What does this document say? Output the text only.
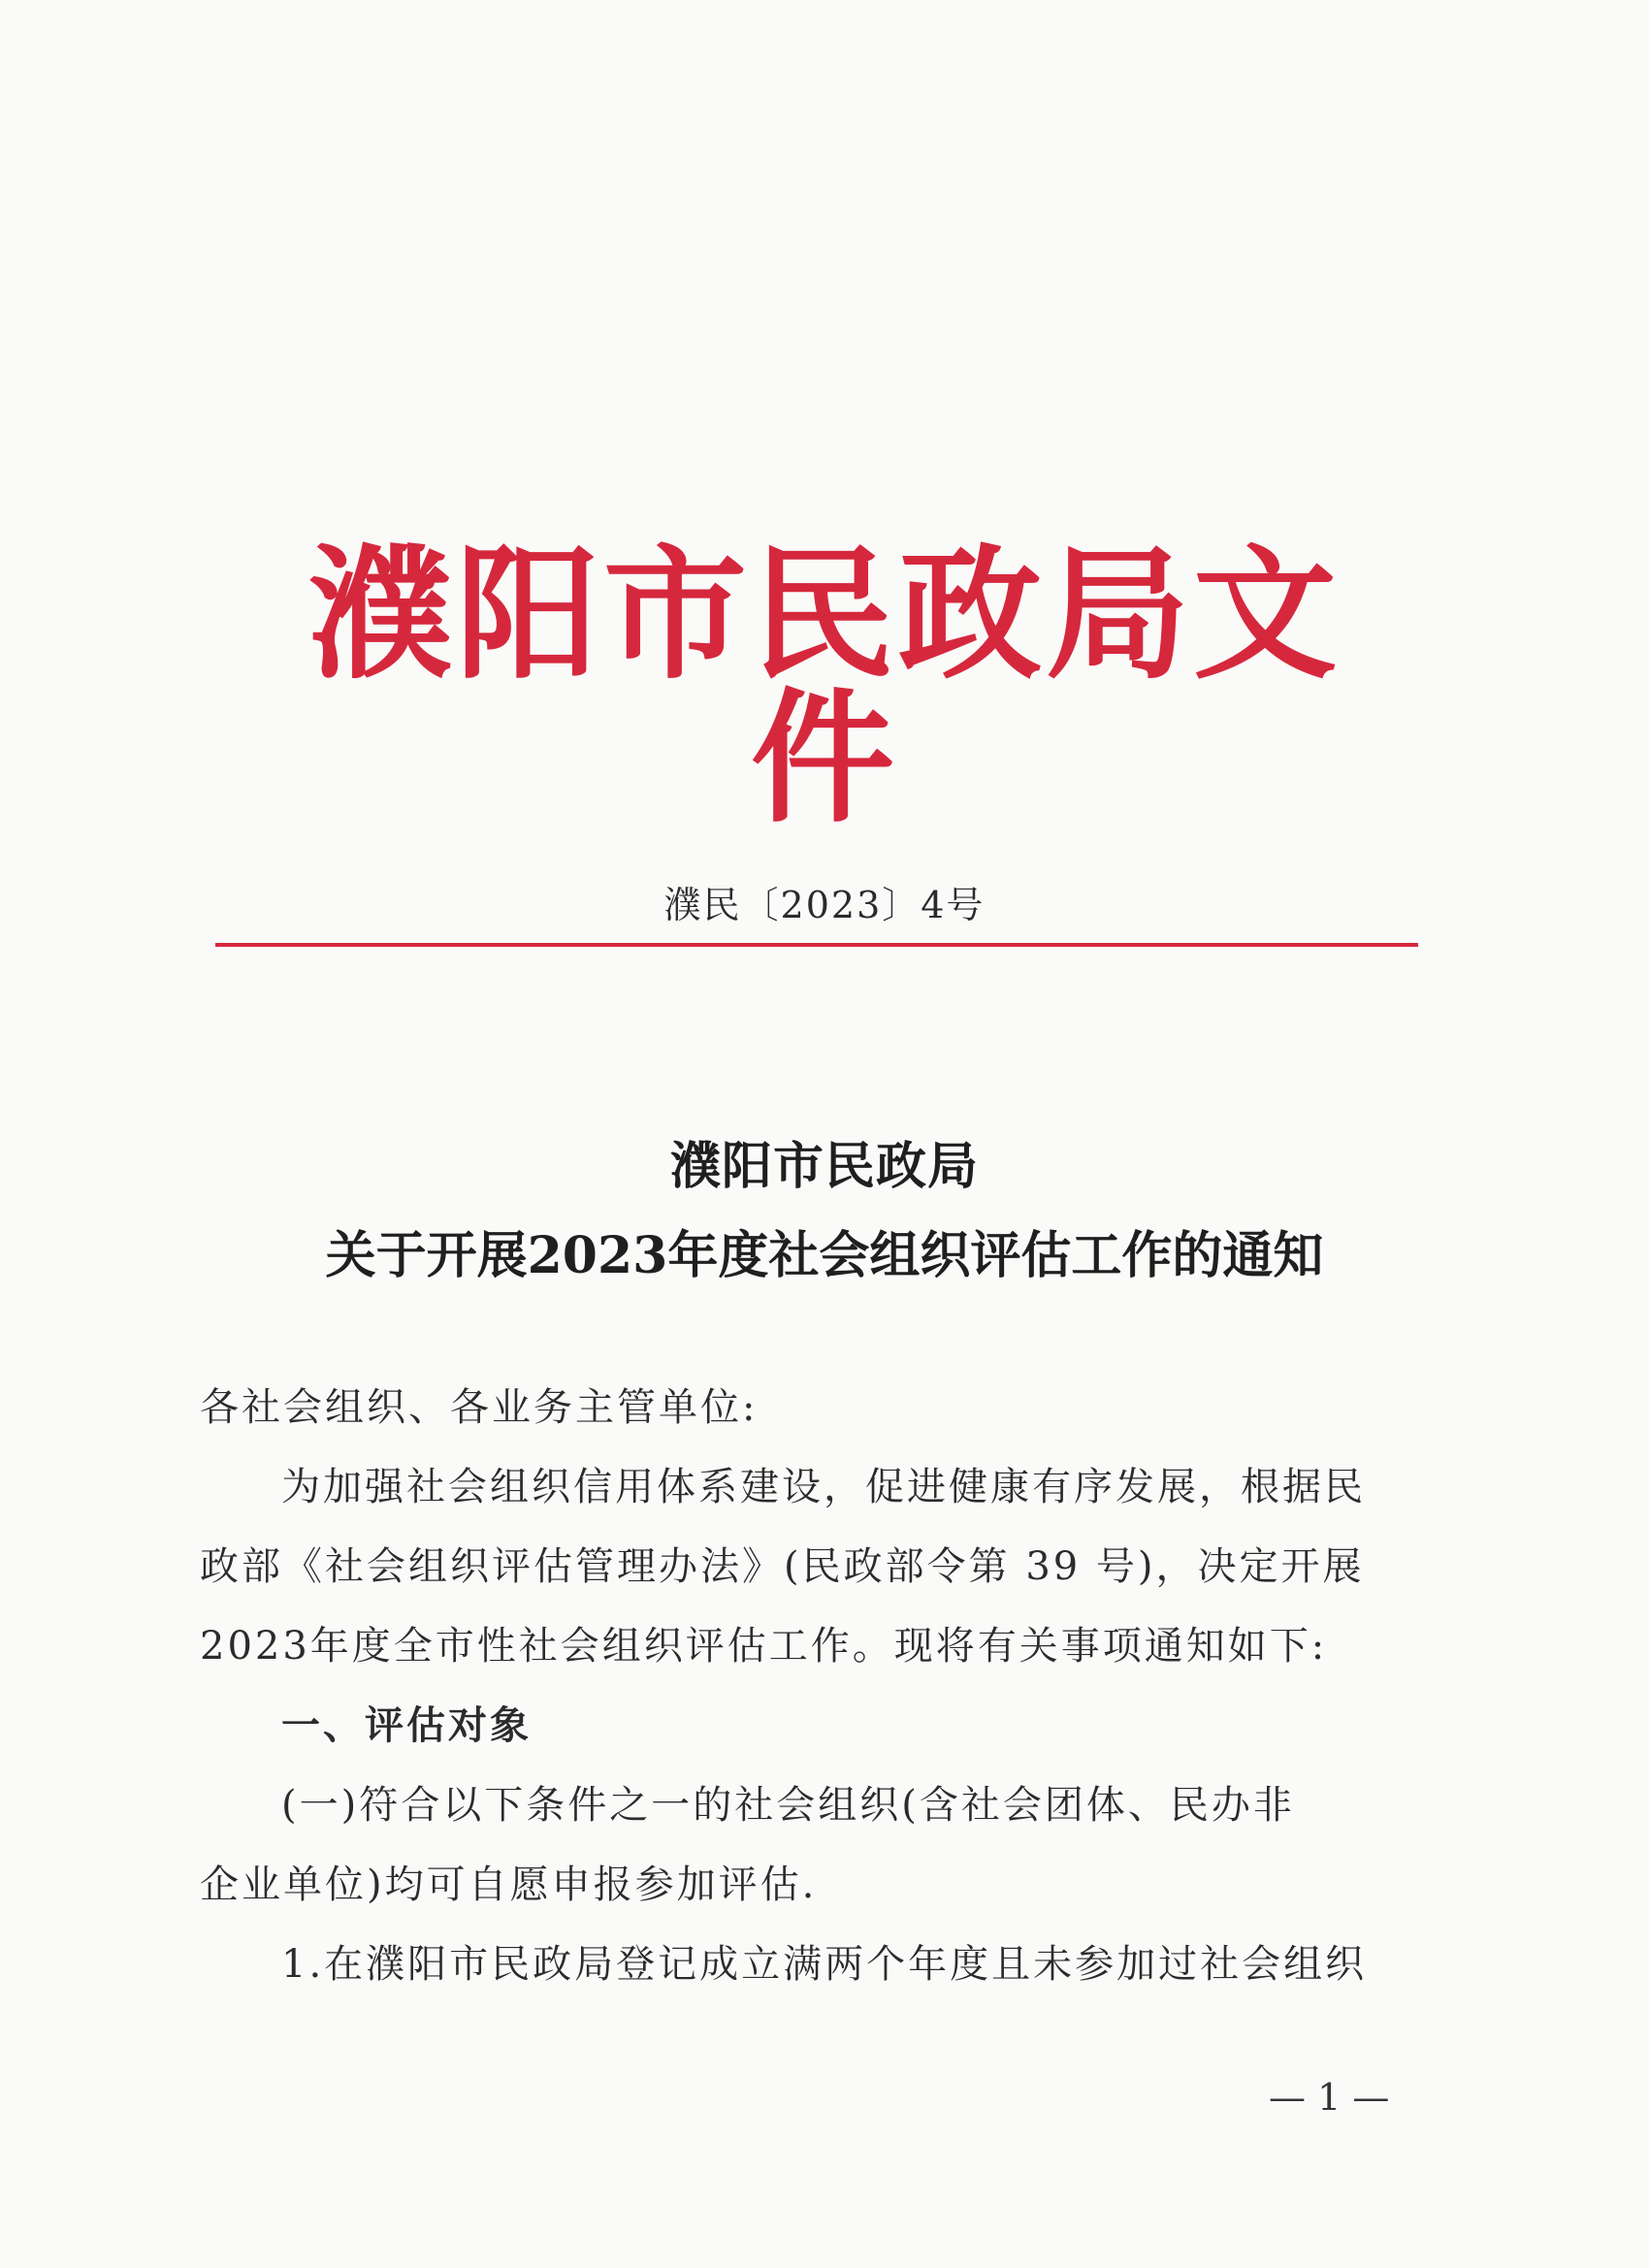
濮阳市民政局文件
濮民〔2023〕4号
濮阳市民政局
关于开展2023年度社会组织评估工作的通知
各社会组织、各业务主管单位:
为加强社会组织信用体系建设，促进健康有序发展，根据民
政部《社会组织评估管理办法》(民政部令第 39 号)，决定开展
2023年度全市性社会组织评估工作。现将有关事项通知如下:
一、评估对象
(一)符合以下条件之一的社会组织(含社会团体、民办非
企业单位)均可自愿申报参加评估.
1.在濮阳市民政局登记成立满两个年度且未参加过社会组织
— 1 —
